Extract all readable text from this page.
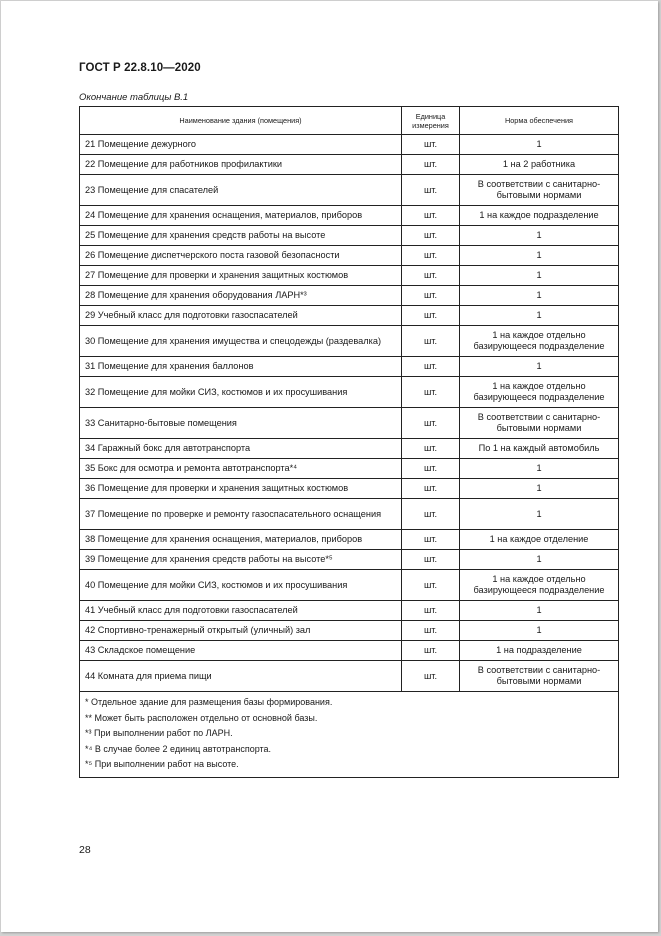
ГОСТ Р 22.8.10—2020
Окончание таблицы В.1
Наименование здания (помещения)	Единица измерения	Норма обеспечения
21 Помещение дежурного	шт.	1
22 Помещение для работников профилактики	шт.	1 на 2 работника
23 Помещение для спасателей	шт.	В соответствии с санитарно-бытовыми нормами
24 Помещение для хранения оснащения, материалов, приборов	шт.	1 на каждое подразделение
25 Помещение для хранения средств работы на высоте	шт.	1
26 Помещение диспетчерского поста газовой безопасности	шт.	1
27 Помещение для проверки и хранения защитных костюмов	шт.	1
28 Помещение для хранения оборудования ЛАРН*³	шт.	1
29 Учебный класс для подготовки газоспасателей	шт.	1
30 Помещение для хранения имущества и спецодежды (раздевалка)	шт.	1 на каждое отдельно базирующееся подразделение
31 Помещение для хранения баллонов	шт.	1
32 Помещение для мойки СИЗ, костюмов и их просушивания	шт.	1 на каждое отдельно базирующееся подразделение
33 Санитарно-бытовые помещения	шт.	В соответствии с санитарно-бытовыми нормами
34 Гаражный бокс для автотранспорта	шт.	По 1 на каждый автомобиль
35 Бокс для осмотра и ремонта автотранспорта*⁴	шт.	1
36 Помещение для проверки и хранения защитных костюмов	шт.	1
37 Помещение по проверке и ремонту газоспасательного оснащения	шт.	1
38 Помещение для хранения оснащения, материалов, приборов	шт.	1 на каждое отделение
39 Помещение для хранения средств работы на высоте*⁵	шт.	1
40 Помещение для мойки СИЗ, костюмов и их просушивания	шт.	1 на каждое отдельно базирующееся подразделение
41 Учебный класс для подготовки газоспасателей	шт.	1
42 Спортивно-тренажерный открытый (уличный) зал	шт.	1
43 Складское помещение	шт.	1 на подразделение
44 Комната для приема пищи	шт.	В соответствии с санитарно-бытовыми нормами

* Отдельное здание для размещения базы формирования.
** Может быть расположен отдельно от основной базы.
*³ При выполнении работ по ЛАРН.
*⁴ В случае более 2 единиц автотранспорта.
*⁵ При выполнении работ на высоте.		
28
